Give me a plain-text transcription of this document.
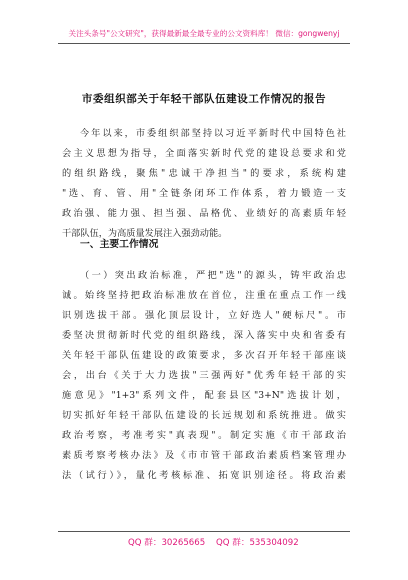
关注头条号"公文研究"，获得最新最全最专业的公文资料库！ 微信：gongwenyj
市委组织部关于年轻干部队伍建设工作情况的报告
今年以来，市委组织部坚持以习近平新时代中国特色社
会主义思想为指导，全面落实新时代党的建设总要求和党
的组织路线，聚焦"忠诚干净担当"的要求，系统构建
"选、育、管、用"全链条闭环工作体系，着力锻造一支
政治强、能力强、担当强、品格优、业绩好的高素质年轻
干部队伍，为高质量发展注入强劲动能。
一、主要工作情况
（一）突出政治标准，严把"选"的源头，铸牢政治忠
诚。始终坚持把政治标准放在首位，注重在重点工作一线
识别选拔干部。强化顶层设计，立好选人"硬标尺"。市
委坚决贯彻新时代党的组织路线，深入落实中央和省委有
关年轻干部队伍建设的政策要求，多次召开年轻干部座谈
会，出台《关于大力选拔"三强两好"优秀年轻干部的实
施意见》"1+3"系列文件，配套县区"3+N"选拔计划，
切实抓好年轻干部队伍建设的长远规划和系统推进。做实
政治考察，考准考实"真表现"。制定实施《市干部政治
素质考察考核办法》及《市市管干部政治素质档案管理办
法（试行）》，量化考核标准、拓宽识别途径。将政治素
QQ 群：30265665 QQ 群：535304092
